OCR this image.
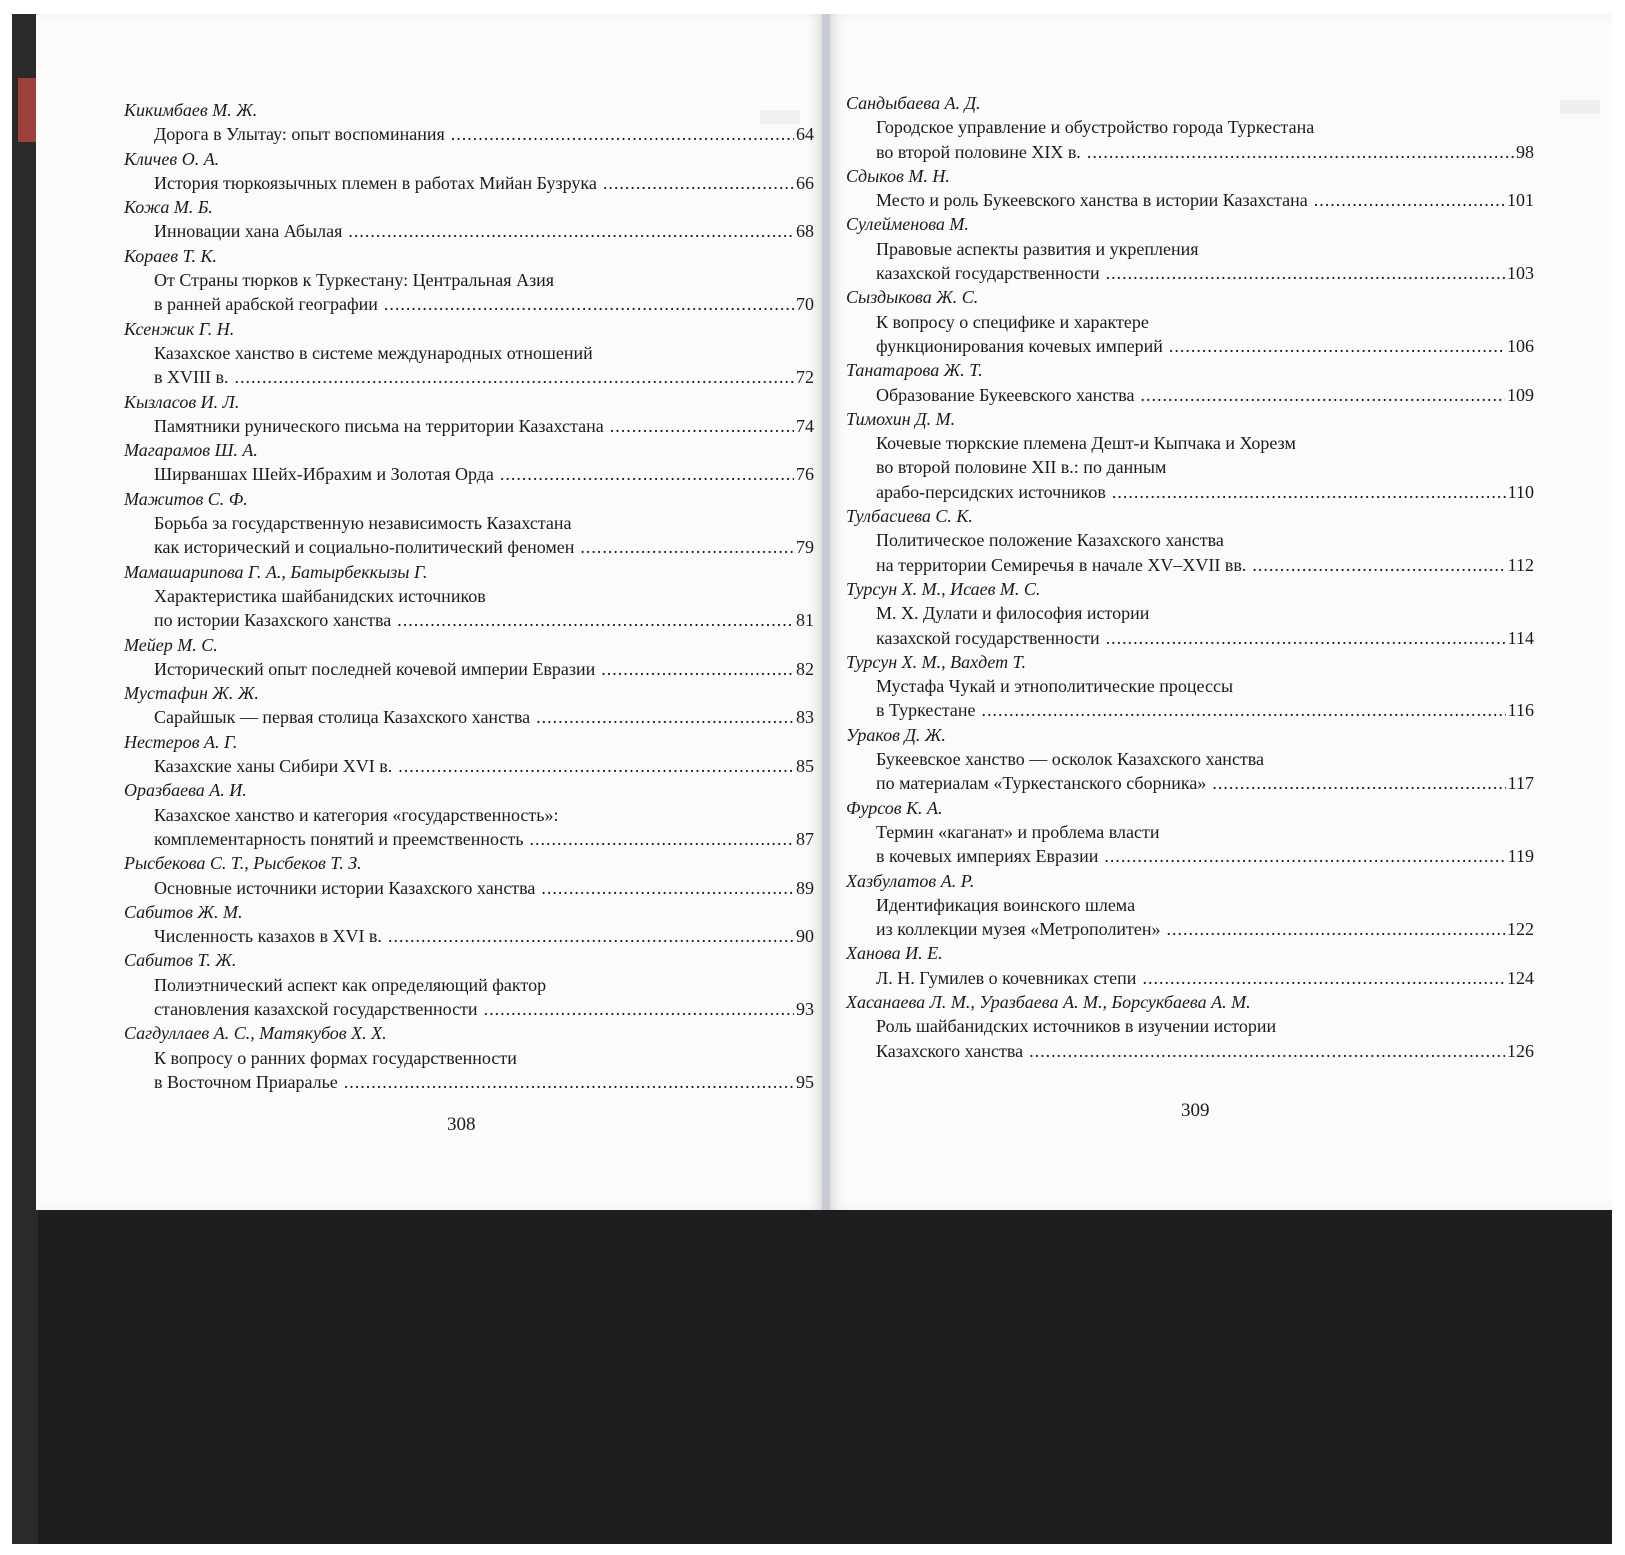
Кикимбаев М. Ж.
Дорога в Улытау: опыт воспоминания .....	64
Кличев О. А.
История тюркоязычных племен в работах Мийан Бузрука .....	66
Кожа М. Б.
Инновации хана Абылая .....	68
Кораев Т. К.
От Страны тюрков к Туркестану: Центральная Азия
в ранней арабской географии .....	70
Ксенжик Г. Н.
Казахское ханство в системе международных отношений
в XVIII в. .....	72
Кызласов И. Л.
Памятники рунического письма на территории Казахстана .....	74
Магарамов Ш. А.
Ширваншах Шейх-Ибрахим и Золотая Орда .....	76
Мажитов С. Ф.
Борьба за государственную независимость Казахстана
как исторический и социально-политический феномен .....	79
Мамашарипова Г. А., Батырбеккызы Г.
Характеристика шайбанидских источников
по истории Казахского ханства .....	81
Мейер М. С.
Исторический опыт последней кочевой империи Евразии .....	82
Мустафин Ж. Ж.
Сарайшык — первая столица Казахского ханства .....	83
Нестеров А. Г.
Казахские ханы Сибири XVI в. .....	85
Оразбаева А. И.
Казахское ханство и категория «государственность»:
комплементарность понятий и преемственность .....	87
Рысбекова С. Т., Рысбеков Т. З.
Основные источники истории Казахского ханства .....	89
Сабитов Ж. М.
Численность казахов в XVI в. .....	90
Сабитов Т. Ж.
Полиэтнический аспект как определяющий фактор
становления казахской государственности .....	93
Сагдуллаев А. С., Матякубов Х. Х.
К вопросу о ранних формах государственности
в Восточном Приаралье .....	95
Сандыбаева А. Д.
Городское управление и обустройство города Туркестана
во второй половине XIX в. .....	98
Сдыков М. Н.
Место и роль Букеевского ханства в истории Казахстана .....	101
Сулейменова М.
Правовые аспекты развития и укрепления
казахской государственности .....	103
Сыздыкова Ж. С.
К вопросу о специфике и характере
функционирования кочевых империй .....	106
Танатарова Ж. Т.
Образование Букеевского ханства .....	109
Тимохин Д. М.
Кочевые тюркские племена Дешт-и Кыпчака и Хорезм
во второй половине XII в.: по данным
арабо-персидских источников .....	110
Тулбасиева С. К.
Политическое положение Казахского ханства
на территории Семиречья в начале XV–XVII вв. .....	112
Турсун Х. М., Исаев М. С.
М. Х. Дулати и философия истории
казахской государственности .....	114
Турсун Х. М., Вахдет Т.
Мустафа Чукай и этнополитические процессы
в Туркестане .....	116
Ураков Д. Ж.
Букеевское ханство — осколок Казахского ханства
по материалам «Туркестанского сборника» .....	117
Фурсов К. А.
Термин «каганат» и проблема власти
в кочевых империях Евразии .....	119
Хазбулатов А. Р.
Идентификация воинского шлема
из коллекции музея «Метрополитен» .....	122
Ханова И. Е.
Л. Н. Гумилев о кочевниках степи .....	124
Хасанаева Л. М., Уразбаева А. М., Борсукбаева А. М.
Роль шайбанидских источников в изучении истории
Казахского ханства .....	126
308
309
